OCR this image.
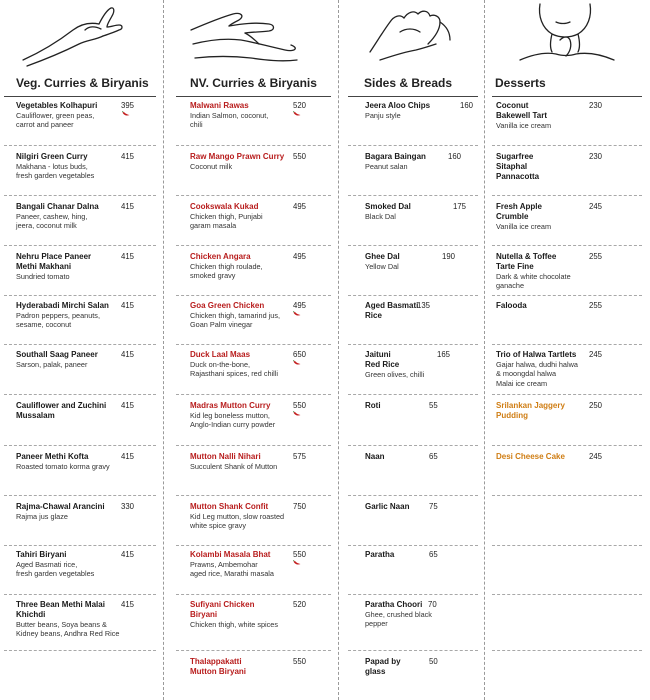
Veg. Curries & Biryanis	NV. Curries & Biryanis	Sides & Breads	Desserts
Vegetables Kolhapuri
Cauliflower, green peas,
carrot and paneer
395
Nilgiri Green Curry
Makhana - lotus buds,
fresh garden vegetables
415
Bangali Chanar Dalna
Paneer, cashew, hing,
jeera, coconut milk
415
Nehru Place Paneer
Methi Makhani
Sundried tomato
415
Hyderabadi Mirchi Salan
Padron peppers, peanuts,
sesame, coconut
415
Southall Saag Paneer
Sarson, palak, paneer
415
Cauliflower and Zuchini
Mussalam
415
Paneer Methi Kofta
Roasted tomato korma gravy
415
Rajma-Chawal Arancini
Rajma jus glaze
330
Tahiri Biryani
Aged Basmati rice,
fresh garden vegetables
415
Three Bean Methi Malai
Khichdi
Butter beans, Soya beans &
Kidney beans, Andhra Red Rice
415
Malwani Rawas
Indian Salmon, coconut,
chili
520
Raw Mango Prawn Curry
Coconut milk
550
Cookswala Kukad
Chicken thigh, Punjabi
garam masala
495
Chicken Angara
Chicken thigh roulade,
smoked gravy
495
Goa Green Chicken
Chicken thigh, tamarind jus,
Goan Palm vinegar
495
Duck Laal Maas
Duck on-the-bone,
Rajasthani spices, red chilli
650
Madras Mutton Curry
Kid leg boneless mutton,
Anglo-Indian curry powder
550
Mutton Nalli Nihari
Succulent Shank of Mutton
575
Mutton Shank Confit
Kid Leg mutton, slow roasted
white spice gravy
750
Kolambi Masala Bhat
Prawns, Ambemohar
aged rice, Marathi masala
550
Sufiyani Chicken
Biryani
Chicken thigh, white spices
520
Thalappakatti
Mutton Biryani
550
Jeera Aloo Chips
Panju style
160
Bagara Baingan
Peanut salan
160
Smoked Dal
Black Dal
175
Ghee Dal
Yellow Dal
190
Aged Basmati
Rice
135
Jaituni
Red Rice
Green olives, chilli
165
Roti	55
Naan	65
Garlic Naan	75
Paratha	65
Paratha Choori
Ghee, crushed black
pepper
70
Papad by
glass
50
Coconut
Bakewell Tart
Vanilla ice cream
230
Sugarfree
Sitaphal
Pannacotta
230
Fresh Apple
Crumble
Vanilla ice cream
245
Nutella & Toffee
Tarte Fine
Dark & white chocolate
ganache
255
Falooda	255
Trio of Halwa Tartlets
Gajar halwa, dudhi halwa
& moongdal halwa
Malai ice cream
245
Srilankan Jaggery
Pudding
250
Desi Cheese Cake	245
